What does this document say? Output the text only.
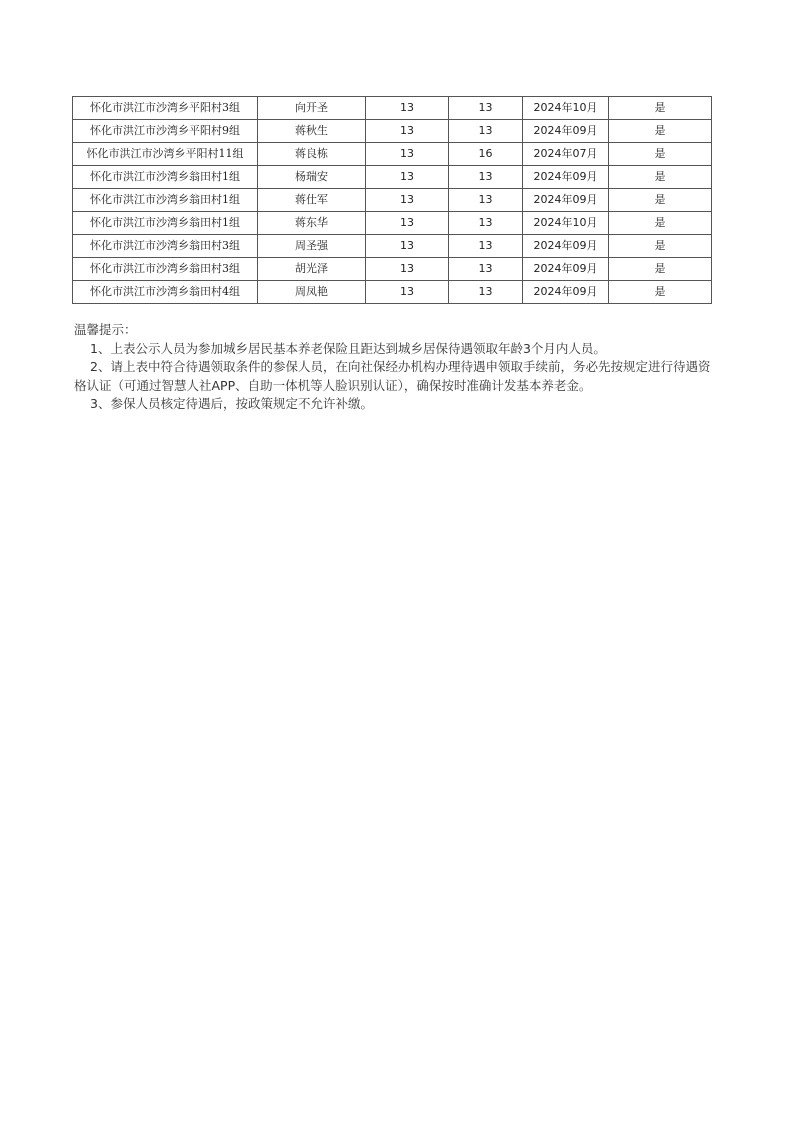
怀化市洪江市沙湾乡平阳村3组	向开圣	13	13	2024年10月	是
怀化市洪江市沙湾乡平阳村9组	蒋秋生	13	13	2024年09月	是
怀化市洪江市沙湾乡平阳村11组	蒋良栋	13	16	2024年07月	是
怀化市洪江市沙湾乡翁田村1组	杨瑞安	13	13	2024年09月	是
怀化市洪江市沙湾乡翁田村1组	蒋仕军	13	13	2024年09月	是
怀化市洪江市沙湾乡翁田村1组	蒋东华	13	13	2024年10月	是
怀化市洪江市沙湾乡翁田村3组	周圣强	13	13	2024年09月	是
怀化市洪江市沙湾乡翁田村3组	胡光泽	13	13	2024年09月	是
怀化市洪江市沙湾乡翁田村4组	周凤艳	13	13	2024年09月	是

温馨提示：

1、上表公示人员为参加城乡居民基本养老保险且距达到城乡居保待遇领取年龄3个月内人员。

2、请上表中符合待遇领取条件的参保人员，在向社保经办机构办理待遇申领取手续前，务必先按规定进行待遇资格认证（可通过智慧人社APP、自助一体机等人脸识别认证），确保按时准确计发基本养老金。

3、参保人员核定待遇后，按政策规定不允许补缴。
